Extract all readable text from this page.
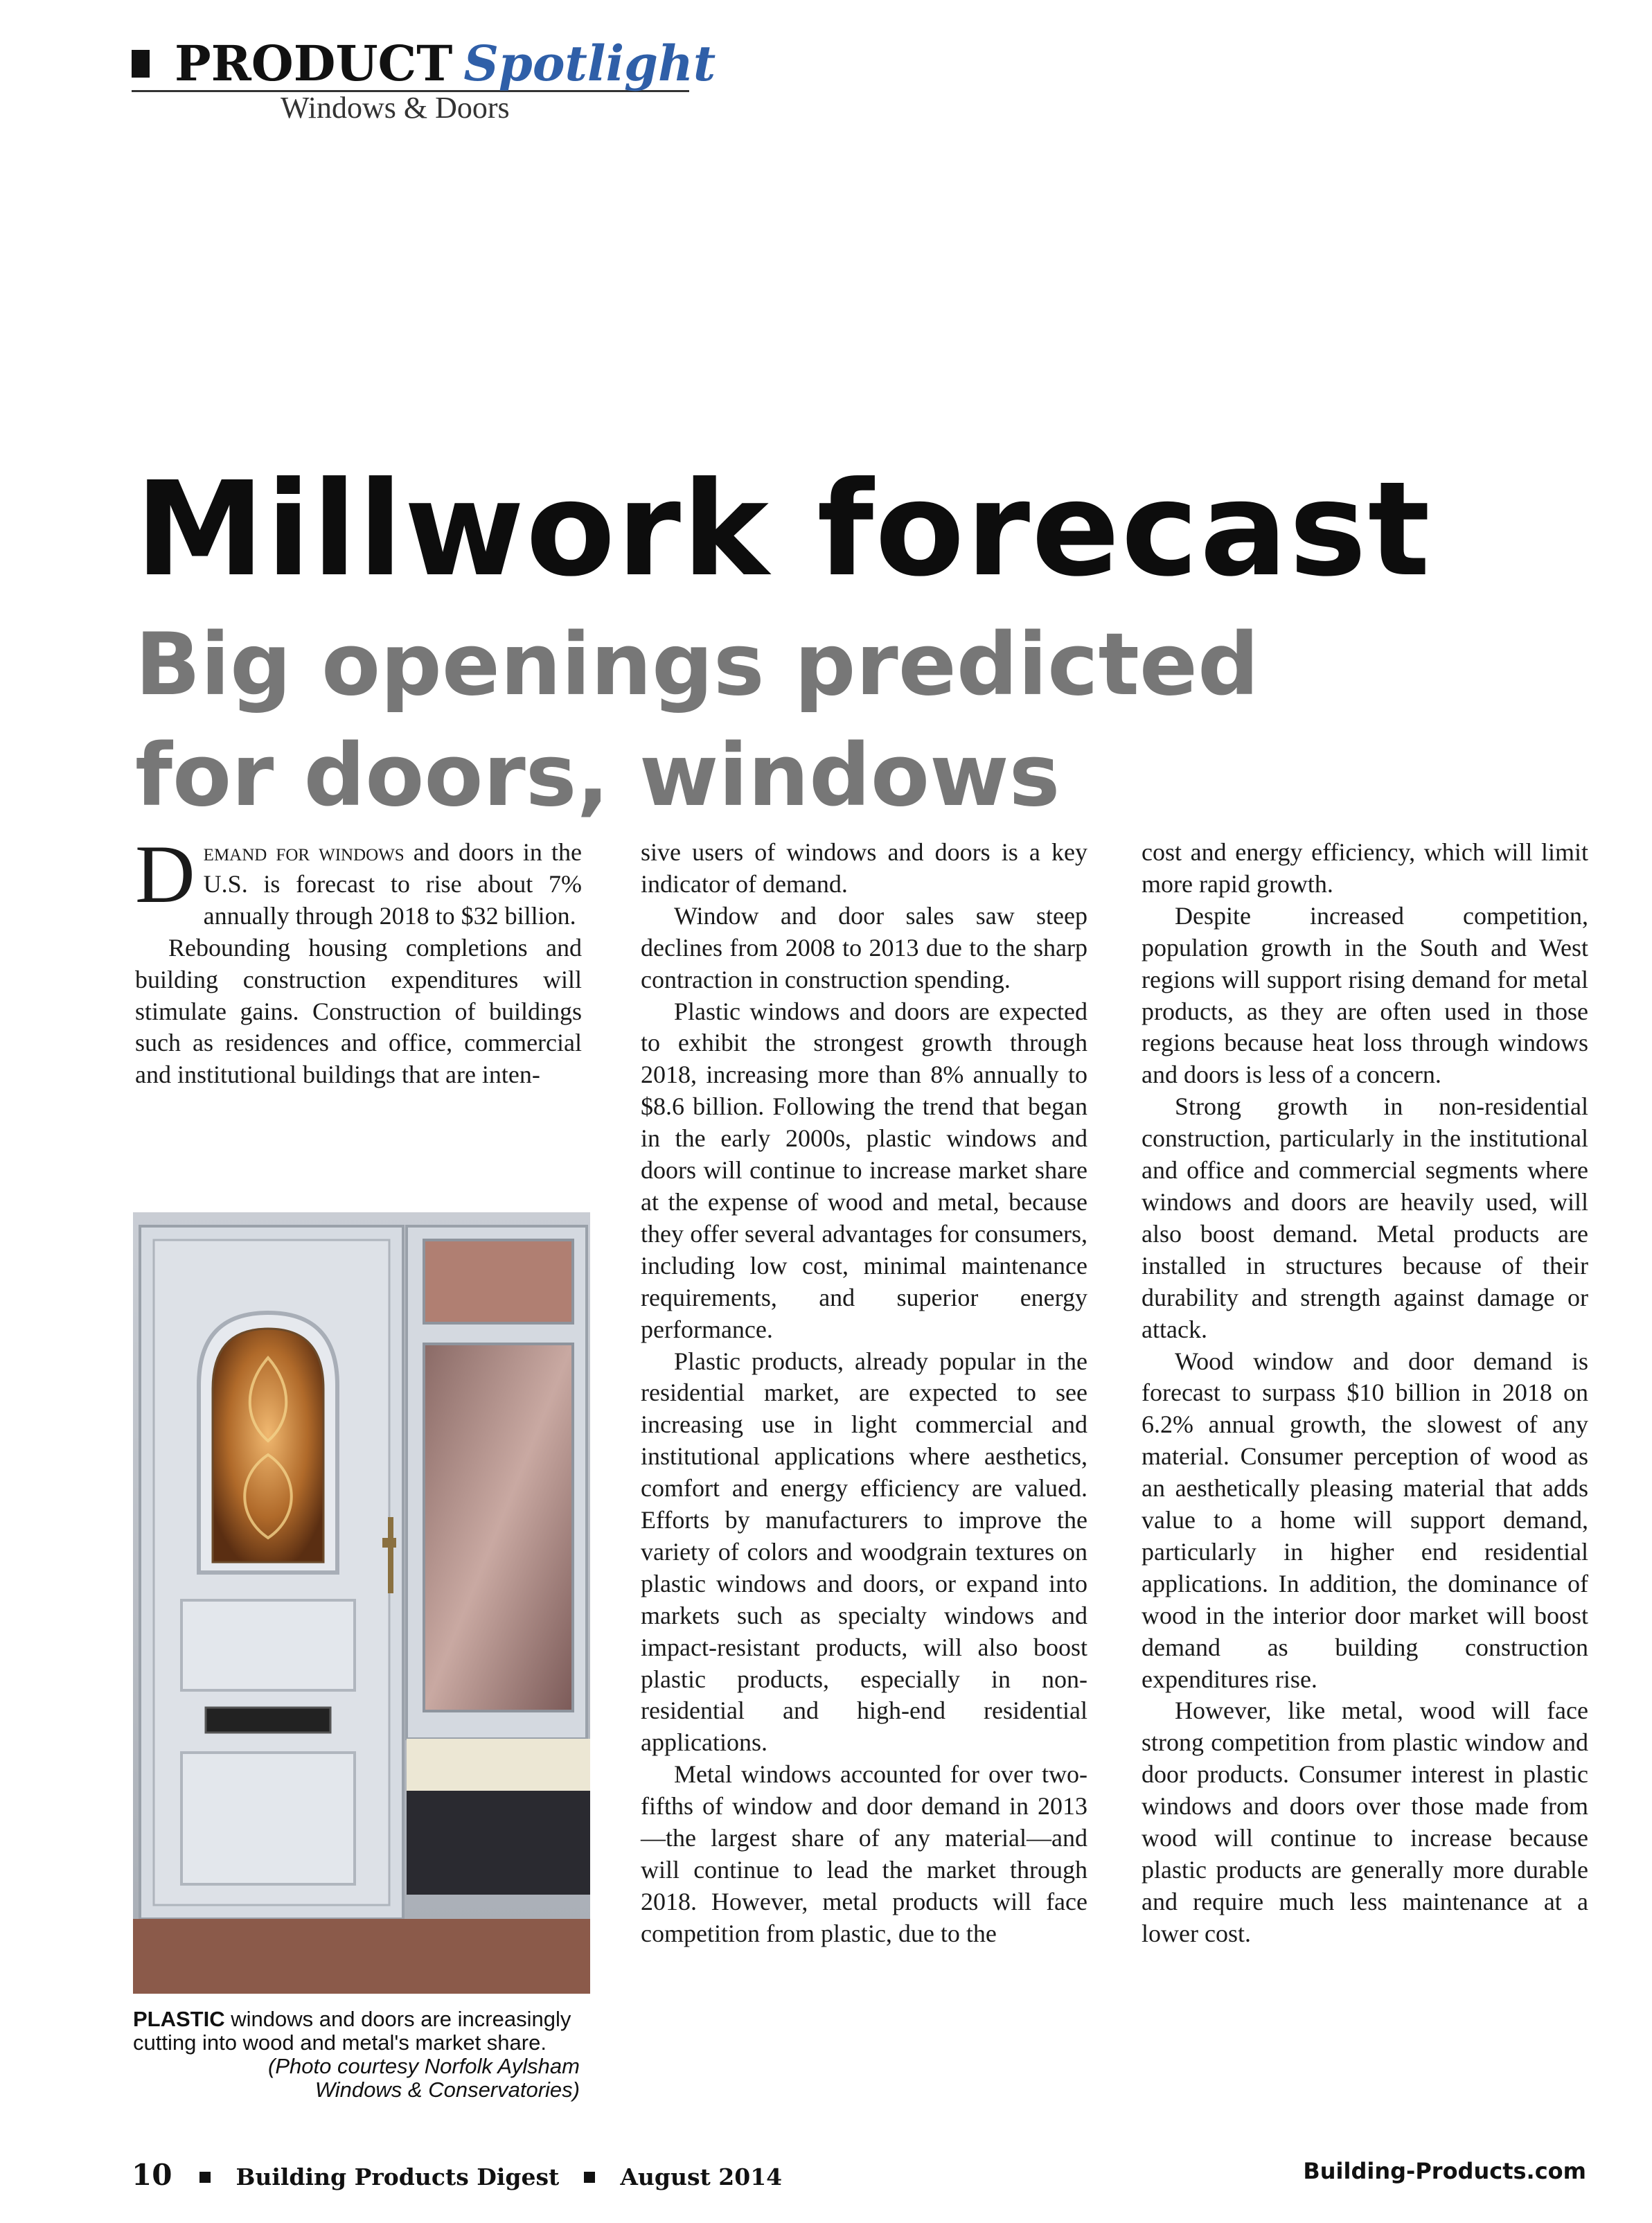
PRODUCT Spotlight
Windows & Doors
Millwork forecast
Big openings predicted
for doors, windows

Demand for windows and doors in the U.S. is forecast to rise about 7% annually through 2018 to $32 billion.

Rebounding housing completions and building construction expenditures will stimulate gains. Construction of buildings such as residences and office, commercial and institutional buildings that are inten-

PLASTIC windows and doors are increasingly cutting into wood and metal's market share.
(Photo courtesy Norfolk Aylsham
Windows & Conservatories)

sive users of windows and doors is a key indicator of demand.

Window and door sales saw steep declines from 2008 to 2013 due to the sharp contraction in construction spending.

Plastic windows and doors are expected to exhibit the strongest growth through 2018, increasing more than 8% annually to $8.6 billion. Following the trend that began in the early 2000s, plastic windows and doors will continue to increase market share at the expense of wood and metal, because they offer several advantages for consumers, including low cost, minimal maintenance requirements, and superior energy performance.

Plastic products, already popular in the residential market, are expected to see increasing use in light commercial and institutional applications where aesthetics, comfort and energy efficiency are valued. Efforts by manufacturers to improve the variety of colors and woodgrain textures on plastic windows and doors, or expand into markets such as specialty windows and impact-resistant products, will also boost plastic products, especially in non-residential and high-end residential applications.

Metal windows accounted for over two-fifths of window and door demand in 2013—the largest share of any material—and will continue to lead the market through 2018. However, metal products will face competition from plastic, due to the

cost and energy efficiency, which will limit more rapid growth.

Despite increased competition, population growth in the South and West regions will support rising demand for metal products, as they are often used in those regions because heat loss through windows and doors is less of a concern.

Strong growth in non-residential construction, particularly in the institutional and office and commercial segments where windows and doors are heavily used, will also boost demand. Metal products are installed in structures because of their durability and strength against damage or attack.

Wood window and door demand is forecast to surpass $10 billion in 2018 on 6.2% annual growth, the slowest of any material. Consumer perception of wood as an aesthetically pleasing material that adds value to a home will support demand, particularly in higher end residential applications. In addition, the dominance of wood in the interior door market will boost demand as building construction expenditures rise.

However, like metal, wood will face strong competition from plastic window and door products. Consumer interest in plastic windows and doors over those made from wood will continue to increase because plastic products are generally more durable and require much less maintenance at a lower cost.

10	Building Products Digest	August 2014	Building-Products.com
